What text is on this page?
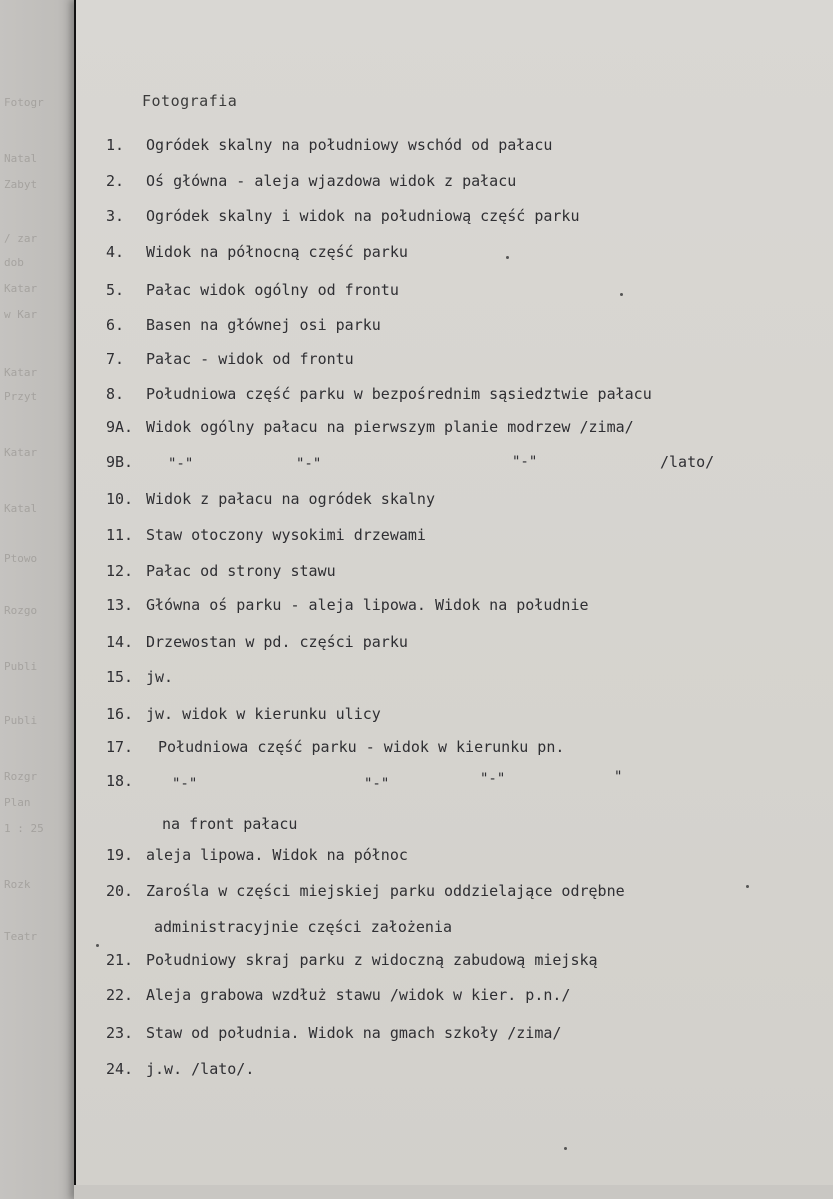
Fotogr
Natal
Zabyt
/ zar
dob
Katar
w Kar
Katar
Przyt
Katar
Katal
Ptowo
Rozgo
Publi
Publi
Rozgr
Plan
1 : 25
Rozk
Teatr
Fotografia
1. Ogródek skalny na południowy wschód od pałacu
2. Oś główna - aleja wjazdowa widok z pałacu
3. Ogródek skalny i widok na południową część parku
4. Widok na północną część parku
5. Pałac widok ogólny od frontu
6. Basen na głównej osi parku
7. Pałac - widok od frontu
8. Południowa część parku w bezpośrednim sąsiedztwie pałacu
9A. Widok ogólny pałacu na pierwszym planie modrzew /zima/
9B. "-"	"-"	"-"	/lato/
10. Widok z pałacu na ogródek skalny
11. Staw otoczony wysokimi drzewami
12. Pałac od strony stawu
13. Główna oś parku - aleja lipowa. Widok na południe
14. Drzewostan w pd. części parku
15. jw.
16. jw. widok w kierunku ulicy
17. Południowa część parku - widok w kierunku pn.
18.	"-"	"-"	"-"	"
na front pałacu
19. aleja lipowa. Widok na północ
20. Zarośla w części miejskiej parku oddzielające odrębne
administracyjnie części założenia
21. Południowy skraj parku z widoczną zabudową miejską
22. Aleja grabowa wzdłuż stawu /widok w kier. p.n./
23. Staw od południa. Widok na gmach szkoły /zima/
24. j.w. /lato/.
